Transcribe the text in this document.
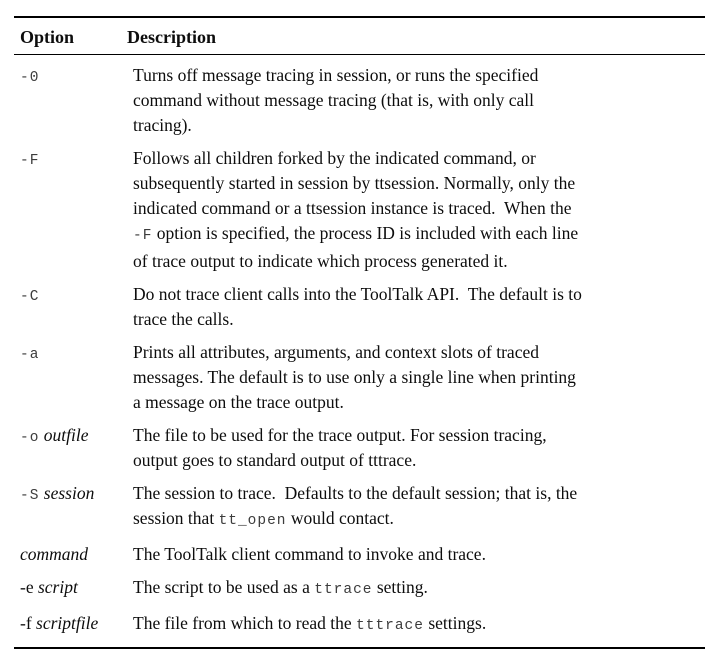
Option	Description
-0	Turns off message tracing in session, or runs the specified
command without message tracing (that is, with only call
tracing).
-F	Follows all children forked by the indicated command, or
subsequently started in session by ttsession. Normally, only the
indicated command or a ttsession instance is traced.  When the
-F option is specified, the process ID is included with each line
of trace output to indicate which process generated it.
-C	Do not trace client calls into the ToolTalk API.  The default is to
trace the calls.
-a	Prints all attributes, arguments, and context slots of traced
messages. The default is to use only a single line when printing
a message on the trace output.
-o outfile	The file to be used for the trace output. For session tracing,
output goes to standard output of tttrace.
-S session	The session to trace.  Defaults to the default session; that is, the
session that tt_open would contact.
command	The ToolTalk client command to invoke and trace.
-e script	The script to be used as a ttrace setting.
-f scriptfile	The file from which to read the tttrace settings.
